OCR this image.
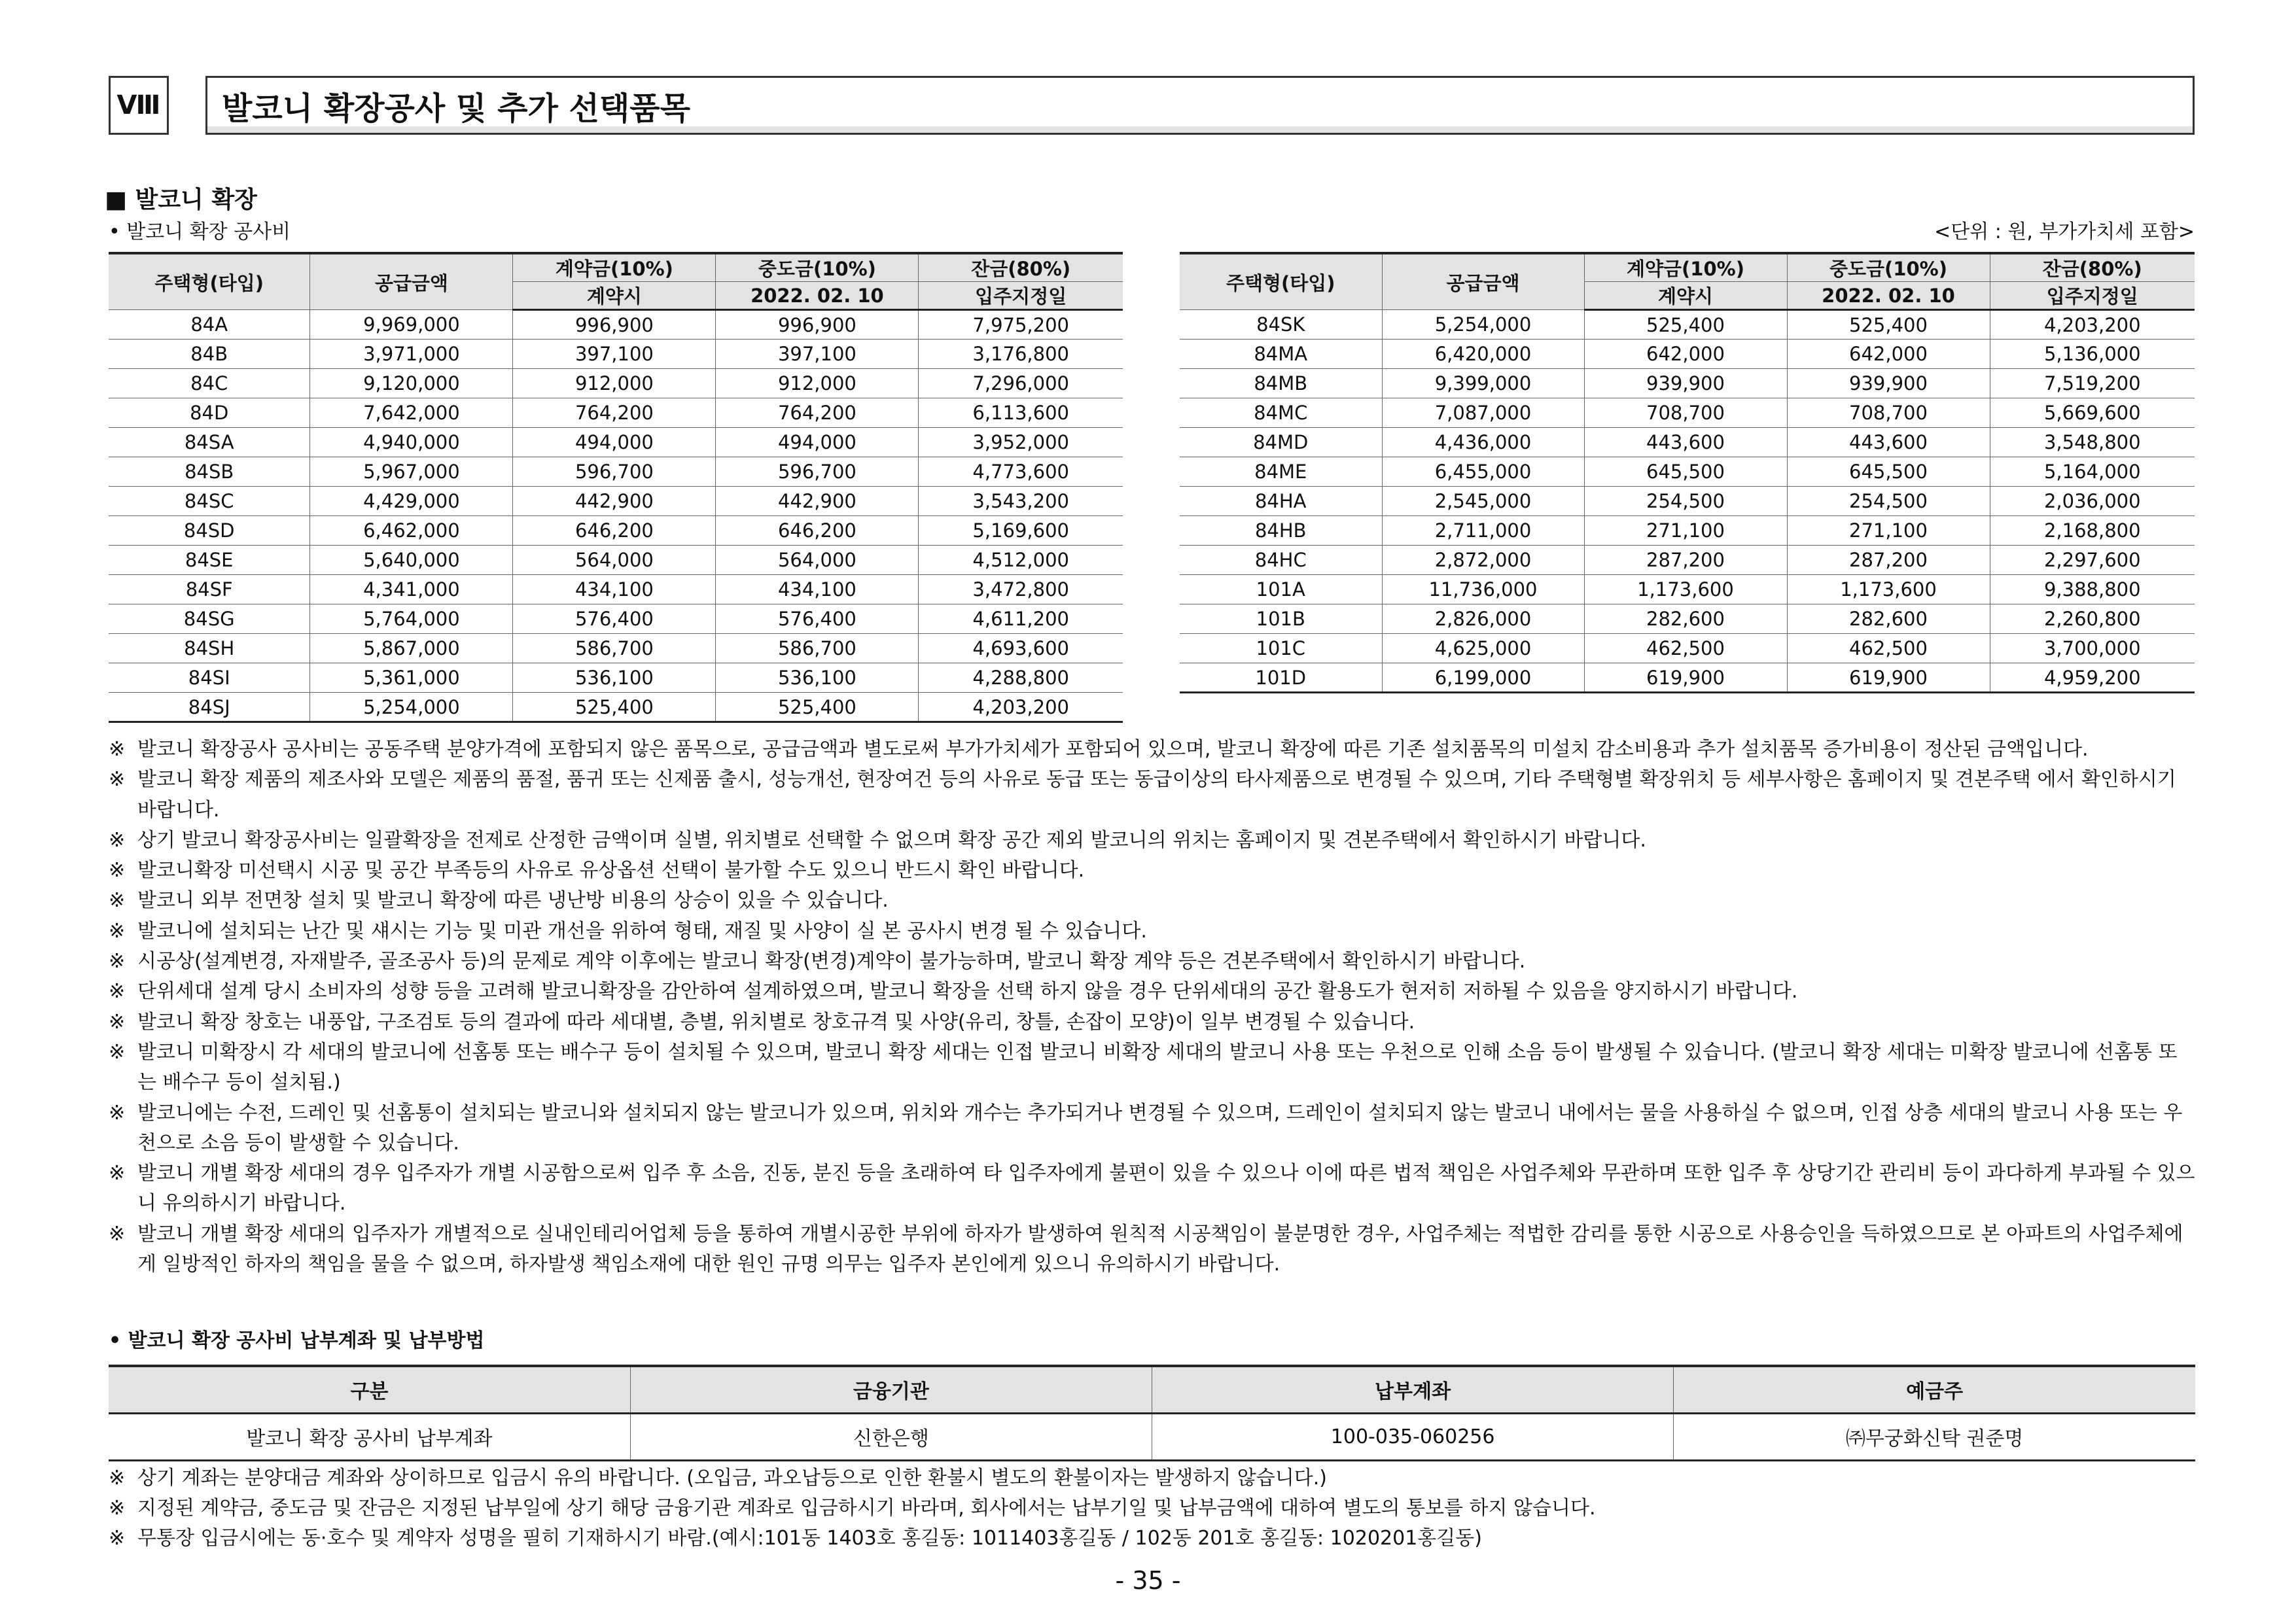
Ⅷ	발코니 확장공사 및 추가 선택품목
■ 발코니 확장
• 발코니 확장 공사비	<단위 : 원, 부가가치세 포함>
주택형(타입)	공급금액	계약금(10%)	중도금(10%)	잔금(80%)
		계약시	2022. 02. 10	입주지정일
84A	9,969,000	996,900	996,900	7,975,200
84B	3,971,000	397,100	397,100	3,176,800
84C	9,120,000	912,000	912,000	7,296,000
84D	7,642,000	764,200	764,200	6,113,600
84SA	4,940,000	494,000	494,000	3,952,000
84SB	5,967,000	596,700	596,700	4,773,600
84SC	4,429,000	442,900	442,900	3,543,200
84SD	6,462,000	646,200	646,200	5,169,600
84SE	5,640,000	564,000	564,000	4,512,000
84SF	4,341,000	434,100	434,100	3,472,800
84SG	5,764,000	576,400	576,400	4,611,200
84SH	5,867,000	586,700	586,700	4,693,600
84SI	5,361,000	536,100	536,100	4,288,800
84SJ	5,254,000	525,400	525,400	4,203,200
주택형(타입)	공급금액	계약금(10%)	중도금(10%)	잔금(80%)
		계약시	2022. 02. 10	입주지정일
84SK	5,254,000	525,400	525,400	4,203,200
84MA	6,420,000	642,000	642,000	5,136,000
84MB	9,399,000	939,900	939,900	7,519,200
84MC	7,087,000	708,700	708,700	5,669,600
84MD	4,436,000	443,600	443,600	3,548,800
84ME	6,455,000	645,500	645,500	5,164,000
84HA	2,545,000	254,500	254,500	2,036,000
84HB	2,711,000	271,100	271,100	2,168,800
84HC	2,872,000	287,200	287,200	2,297,600
101A	11,736,000	1,173,600	1,173,600	9,388,800
101B	2,826,000	282,600	282,600	2,260,800
101C	4,625,000	462,500	462,500	3,700,000
101D	6,199,000	619,900	619,900	4,959,200
※ 발코니 확장공사 공사비는 공동주택 분양가격에 포함되지 않은 품목으로, 공급금액과 별도로써 부가가치세가 포함되어 있으며, 발코니 확장에 따른 기존 설치품목의 미설치 감소비용과 추가 설치품목 증가비용이 정산된 금액입니다.
※ 발코니 확장 제품의 제조사와 모델은 제품의 품절, 품귀 또는 신제품 출시, 성능개선, 현장여건 등의 사유로 동급 또는 동급이상의 타사제품으로 변경될 수 있으며, 기타 주택형별 확장위치 등 세부사항은 홈페이지 및 견본주택 에서 확인하시기 바랍니다.
※ 상기 발코니 확장공사비는 일괄확장을 전제로 산정한 금액이며 실별, 위치별로 선택할 수 없으며 확장 공간 제외 발코니의 위치는 홈페이지 및 견본주택에서 확인하시기 바랍니다.
※ 발코니확장 미선택시 시공 및 공간 부족등의 사유로 유상옵션 선택이 불가할 수도 있으니 반드시 확인 바랍니다.
※ 발코니 외부 전면창 설치 및 발코니 확장에 따른 냉난방 비용의 상승이 있을 수 있습니다.
※ 발코니에 설치되는 난간 및 섀시는 기능 및 미관 개선을 위하여 형태, 재질 및 사양이 실 본 공사시 변경 될 수 있습니다.
※ 시공상(설계변경, 자재발주, 골조공사 등)의 문제로 계약 이후에는 발코니 확장(변경)계약이 불가능하며, 발코니 확장 계약 등은 견본주택에서 확인하시기 바랍니다.
※ 단위세대 설계 당시 소비자의 성향 등을 고려해 발코니확장을 감안하여 설계하였으며, 발코니 확장을 선택 하지 않을 경우 단위세대의 공간 활용도가 현저히 저하될 수 있음을 양지하시기 바랍니다.
※ 발코니 확장 창호는 내풍압, 구조검토 등의 결과에 따라 세대별, 층별, 위치별로 창호규격 및 사양(유리, 창틀, 손잡이 모양)이 일부 변경될 수 있습니다.
※ 발코니 미확장시 각 세대의 발코니에 선홈통 또는 배수구 등이 설치될 수 있으며, 발코니 확장 세대는 인접 발코니 비확장 세대의 발코니 사용 또는 우천으로 인해 소음 등이 발생될 수 있습니다. (발코니 확장 세대는 미확장 발코니에 선홈통 또는 배수구 등이 설치됨.)
※ 발코니에는 수전, 드레인 및 선홈통이 설치되는 발코니와 설치되지 않는 발코니가 있으며, 위치와 개수는 추가되거나 변경될 수 있으며, 드레인이 설치되지 않는 발코니 내에서는 물을 사용하실 수 없으며, 인접 상층 세대의 발코니 사용 또는 우천으로 소음 등이 발생할 수 있습니다.
※ 발코니 개별 확장 세대의 경우 입주자가 개별 시공함으로써 입주 후 소음, 진동, 분진 등을 초래하여 타 입주자에게 불편이 있을 수 있으나 이에 따른 법적 책임은 사업주체와 무관하며 또한 입주 후 상당기간 관리비 등이 과다하게 부과될 수 있으니 유의하시기 바랍니다.
※ 발코니 개별 확장 세대의 입주자가 개별적으로 실내인테리어업체 등을 통하여 개별시공한 부위에 하자가 발생하여 원칙적 시공책임이 불분명한 경우, 사업주체는 적법한 감리를 통한 시공으로 사용승인을 득하였으므로 본 아파트의 사업주체에게 일방적인 하자의 책임을 물을 수 없으며, 하자발생 책임소재에 대한 원인 규명 의무는 입주자 본인에게 있으니 유의하시기 바랍니다.
• 발코니 확장 공사비 납부계좌 및 납부방법
구분	금융기관	납부계좌	예금주
발코니 확장 공사비 납부계좌	신한은행	100-035-060256	㈜무궁화신탁 권준명
※ 상기 계좌는 분양대금 계좌와 상이하므로 입금시 유의 바랍니다. (오입금, 과오납등으로 인한 환불시 별도의 환불이자는 발생하지 않습니다.)
※ 지정된 계약금, 중도금 및 잔금은 지정된 납부일에 상기 해당 금융기관 계좌로 입금하시기 바라며, 회사에서는 납부기일 및 납부금액에 대하여 별도의 통보를 하지 않습니다.
※ 무통장 입금시에는 동·호수 및 계약자 성명을 필히 기재하시기 바람.(예시:101동 1403호 홍길동: 1011403홍길동 / 102동 201호 홍길동: 1020201홍길동)
- 35 -
